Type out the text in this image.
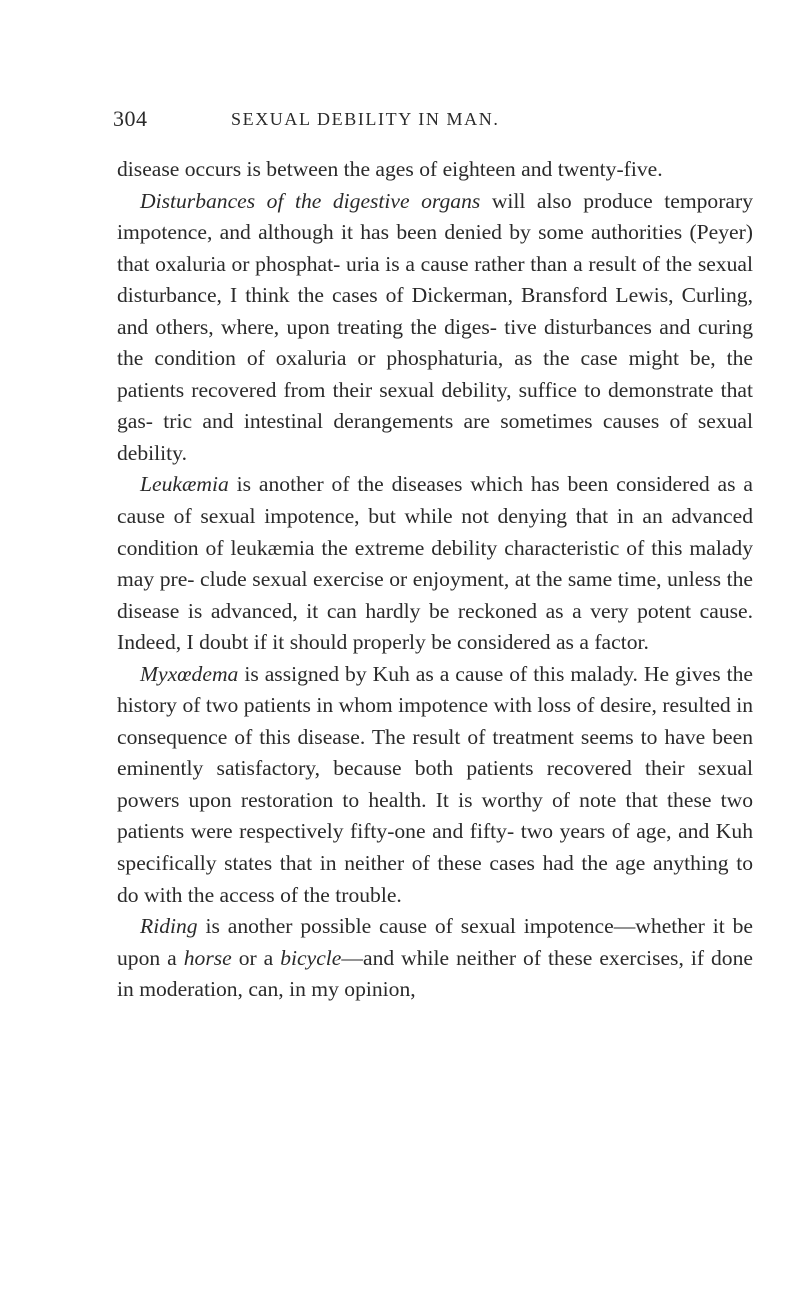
304	SEXUAL DEBILITY IN MAN.

disease occurs is between the ages of eighteen and twenty-five.

Disturbances of the digestive organs will also produce temporary impotence, and although it has been denied by some authorities (Peyer) that oxaluria or phosphat- uria is a cause rather than a result of the sexual disturbance, I think the cases of Dickerman, Bransford Lewis, Curling, and others, where, upon treating the diges- tive disturbances and curing the condition of oxaluria or phosphaturia, as the case might be, the patients recovered from their sexual debility, suffice to demonstrate that gas- tric and intestinal derangements are sometimes causes of sexual debility.

Leukæmia is another of the diseases which has been considered as a cause of sexual impotence, but while not denying that in an advanced condition of leukæmia the extreme debility characteristic of this malady may pre- clude sexual exercise or enjoyment, at the same time, unless the disease is advanced, it can hardly be reckoned as a very potent cause. Indeed, I doubt if it should properly be considered as a factor.

Myxœdema is assigned by Kuh as a cause of this malady. He gives the history of two patients in whom impotence with loss of desire, resulted in consequence of this disease. The result of treatment seems to have been eminently satisfactory, because both patients recovered their sexual powers upon restoration to health. It is worthy of note that these two patients were respectively fifty-one and fifty- two years of age, and Kuh specifically states that in neither of these cases had the age anything to do with the access of the trouble.

Riding is another possible cause of sexual impotence—whether it be upon a horse or a bicycle—and while neither of these exercises, if done in moderation, can, in my opinion,
